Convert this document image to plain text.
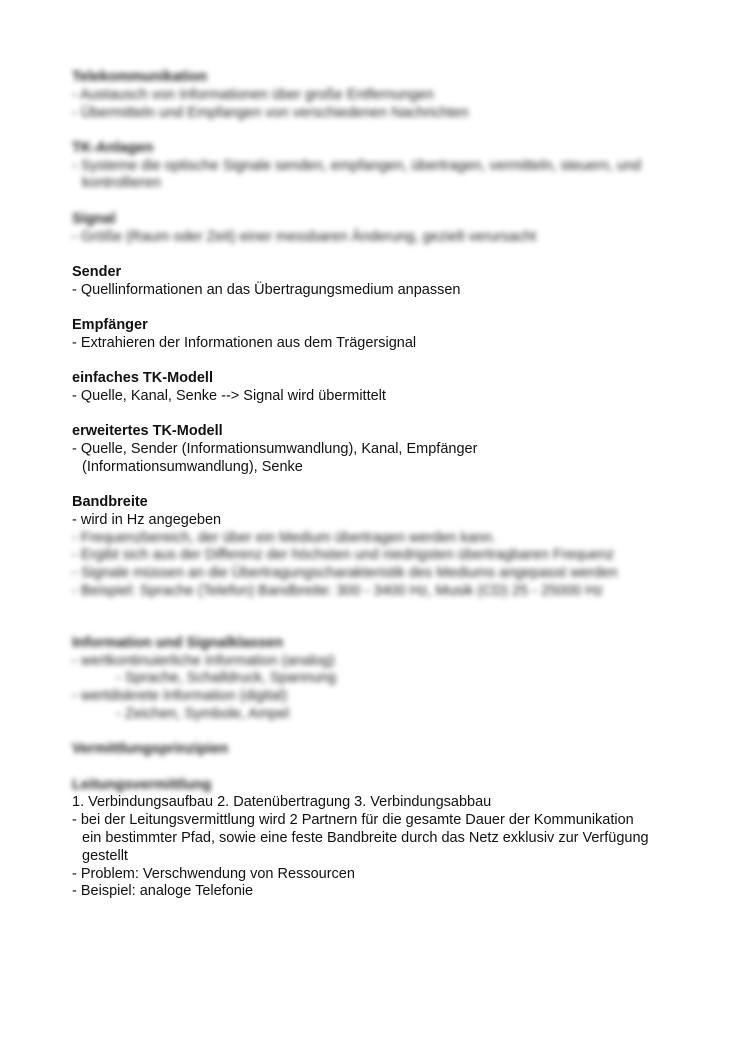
Telekommunikation

- Austausch von Informationen über große Entfernungen

- Übermitteln und Empfangen von verschiedenen Nachrichten

TK-Anlagen

- Systeme die optische Signale senden, empfangen, übertragen, vermitteln, steuern, und

kontrollieren

Signal

- Größe (Raum oder Zeit) einer messbaren Änderung, gezielt verursacht

Sender

- Quellinformationen an das Übertragungsmedium anpassen

Empfänger

- Extrahieren der Informationen aus dem Trägersignal

einfaches TK-Modell

- Quelle, Kanal, Senke --> Signal wird übermittelt

erweitertes TK-Modell

- Quelle, Sender (Informationsumwandlung), Kanal, Empfänger

(Informationsumwandlung), Senke

Bandbreite

- wird in Hz angegeben

- Frequenzbereich, der über ein Medium übertragen werden kann.

- Ergibt sich aus der Differenz der höchsten und niedrigsten übertragbaren Frequenz

- Signale müssen an die Übertragungscharakteristik des Mediums angepasst werden

- Beispiel: Sprache (Telefon) Bandbreite: 300 - 3400 Hz, Musik (CD) 25 - 25000 Hz

Information und Signalklassen

- wertkontinuierliche Information (analog)

- Sprache, Schalldruck, Spannung

- wertdiskrete Information (digital)

- Zeichen, Symbole, Ampel

Vermittlungsprinzipien

Leitungsvermittlung

1. Verbindungsaufbau 2. Datenübertragung 3. Verbindungsabbau

- bei der Leitungsvermittlung wird 2 Partnern für die gesamte Dauer der Kommunikation

ein bestimmter Pfad, sowie eine feste Bandbreite durch das Netz exklusiv zur Verfügung

gestellt

- Problem: Verschwendung von Ressourcen

- Beispiel: analoge Telefonie
